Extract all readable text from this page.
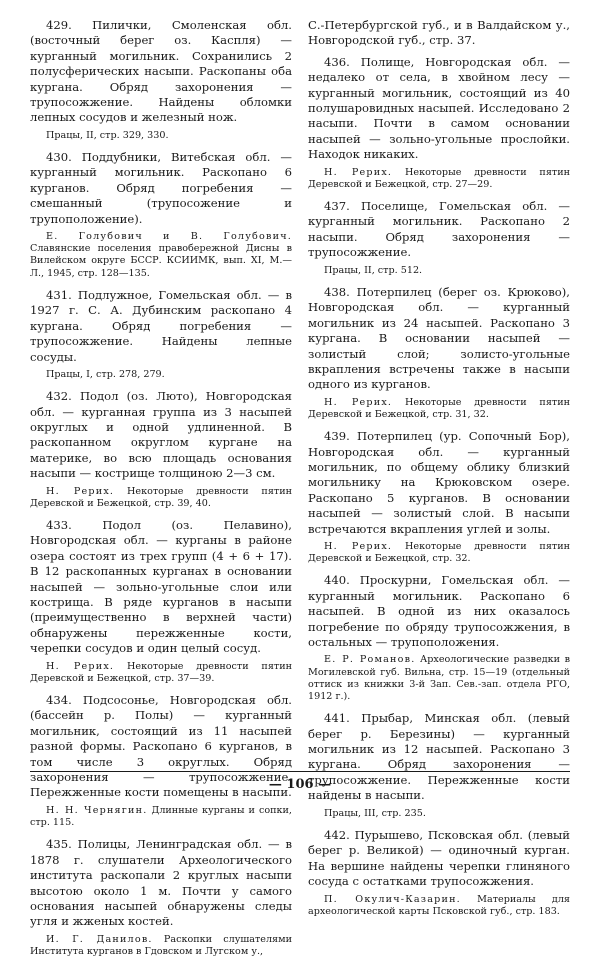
429. Пилички, Смоленская обл. (восточный берег оз. Каспля) — курганный могильник. Сохранились 2 полусферических насыпи. Раскопаны оба кургана. Обряд захоронения — трупосожжение. Найдены обломки лепных сосудов и железный нож.

Працы, II, стр. 329, 330.

430. Поддубники, Витебская обл. — курганный могильник. Раскопано 6 курганов. Обряд погребения — смешанный (трупосожение и трупоположение).

Е. Голубович и В. Голубович. Славянские поселения правобережной Дисны в Вилейском округе БССР. КСИИМК, вып. XI, М.—Л., 1945, стр. 128—135.

431. Подлужное, Гомельская обл. — в 1927 г. С. А. Дубинским раскопано 4 кургана. Обряд погребения — трупосожжение. Найдены лепные сосуды.

Працы, I, стр. 278, 279.

432. Подол (оз. Люто), Новгородская обл. — курганная группа из 3 насыпей округлых и одной удлиненной. В раскопанном округлом кургане на материке, во всю площадь основания насыпи — кострище толщиною 2—3 см.

Н. Рерих. Некоторые древности пятин Деревской и Бежецкой, стр. 39, 40.

433. Подол (оз. Пелавино), Новгородская обл. — курганы в районе озера состоят из трех групп (4 + 6 + 17). В 12 раскопанных курганах в основании насыпей — зольно-угольные слои или кострища. В ряде курганов в насыпи (преимущественно в верхней части) обнаружены пережженные кости, черепки сосудов и один целый сосуд.

Н. Рерих. Некоторые древности пятин Деревской и Бежецкой, стр. 37—39.

434. Подсосонье, Новгородская обл. (бассейн р. Полы) — курганный могильник, состоящий из 11 насыпей разной формы. Раскопано 6 курганов, в том числе 3 округлых. Обряд захоронения — трупосожжение. Пережженные кости помещены в насыпи.

Н. Н. Чернягин. Длинные курганы и сопки, стр. 115.

435. Полицы, Ленинградская обл. — в 1878 г. слушатели Археологического института раскопали 2 круглых насыпи высотою около 1 м. Почти у самого основания насыпей обнаружены следы угля и жженых костей.

И. Г. Данилов. Раскопки слушателями Института курганов в Гдовском и Лугском у.,

С.-Петербургской губ., и в Валдайском у., Новгородской губ., стр. 37.

436. Полище, Новгородская обл. — недалеко от села, в хвойном лесу — курганный могильник, состоящий из 40 полушаровидных насыпей. Исследовано 2 насыпи. Почти в самом основании насыпей — зольно-угольные прослойки. Находок никаких.

Н. Рерих. Некоторые древности пятин Деревской и Бежецкой, стр. 27—29.

437. Поселище, Гомельская обл. — курганный могильник. Раскопано 2 насыпи. Обряд захоронения — трупосожжение.

Працы, II, стр. 512.

438. Потерпилец (берег оз. Крюково), Новгородская обл. — курганный могильник из 24 насыпей. Раскопано 3 кургана. В основании насыпей — золистый слой; золисто-угольные вкрапления встречены также в насыпи одного из курганов.

Н. Рерих. Некоторые древности пятин Деревской и Бежецкой, стр. 31, 32.

439. Потерпилец (ур. Сопочный Бор), Новгородская обл. — курганный могильник, по общему облику близкий могильнику на Крюковском озере. Раскопано 5 курганов. В основании насыпей — золистый слой. В насыпи встречаются вкрапления углей и золы.

Н. Рерих. Некоторые древности пятин Деревской и Бежецкой, стр. 32.

440. Проскурни, Гомельская обл. — курганный могильник. Раскопано 6 насыпей. В одной из них оказалось погребение по обряду трупосожжения, в остальных — трупоположения.

Е. Р. Романов. Археологические разведки в Могилевской губ. Вильна, стр. 15—19 (отдельный оттиск из книжки 3-й Зап. Сев.-зап. отдела РГО, 1912 г.).

441. Прыбар, Минская обл. (левый берег р. Березины) — курганный могильник из 12 насыпей. Раскопано 3 кургана. Обряд захоронения — трупосожжение. Пережженные кости найдены в насыпи.

Працы, III, стр. 235.

442. Пурышево, Псковская обл. (левый берег р. Великой) — одиночный курган. На вершине найдены черепки глиняного сосуда с остатками трупосожжения.

П. Окулич-Казарин. Материалы для археологической карты Псковской губ., стр. 183.

— 106 —
